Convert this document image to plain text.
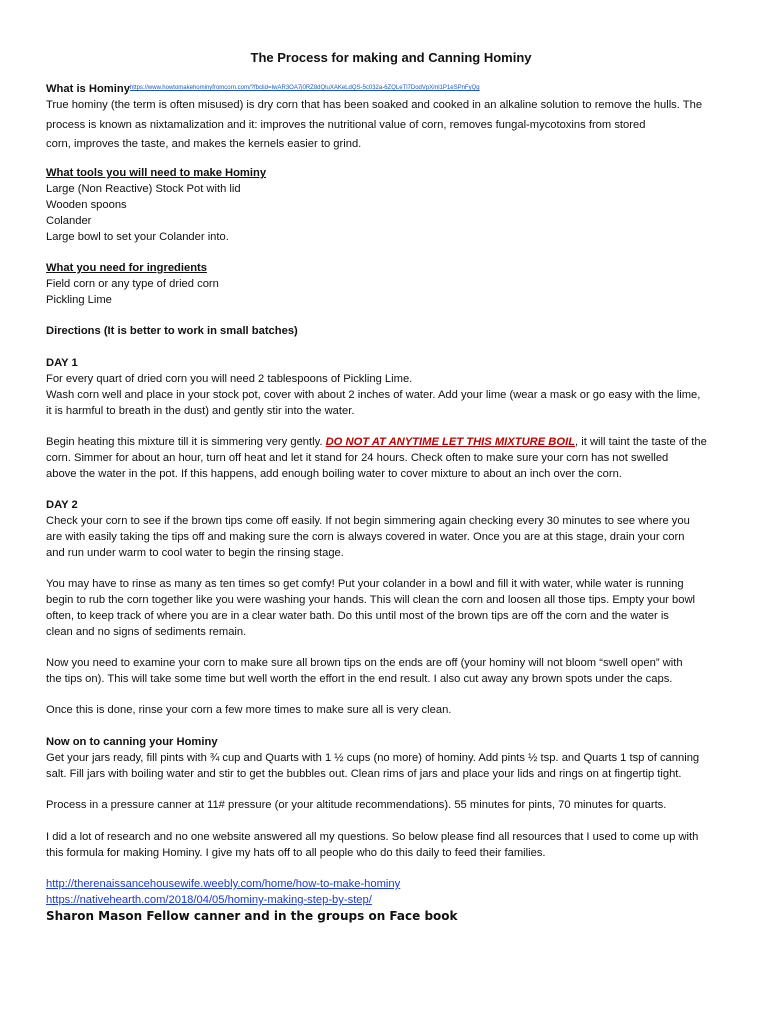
The Process for making and Canning Hominy

What is Hominyhttps://www.howtomakehominyfromcorn.com/?fbclid=IwAR3OA7j0RZ8dQluXAKeLdQS-5c032a-6ZQLeTl7DodVpXml1P1eSPnFyQg

True hominy (the term is often misused) is dry corn that has been soaked and cooked in an alkaline solution to remove the hulls. The

process is known as nixtamalization and it: improves the nutritional value of corn, removes fungal-mycotoxins from stored

corn, improves the taste, and makes the kernels easier to grind.

What tools you will need to make Hominy

Large (Non Reactive) Stock Pot with lid

Wooden spoons

Colander

Large bowl to set your Colander into.

What you need for ingredients

Field corn or any type of dried corn

Pickling Lime

Directions (It is better to work in small batches)

DAY 1

For every quart of dried corn you will need 2 tablespoons of Pickling Lime.

Wash corn well and place in your stock pot, cover with about 2 inches of water. Add your lime (wear a mask or go easy with the lime,

it is harmful to breath in the dust) and gently stir into the water.

Begin heating this mixture till it is simmering very gently. DO NOT AT ANYTIME LET THIS MIXTURE BOIL, it will taint the taste of the

corn. Simmer for about an hour, turn off heat and let it stand for 24 hours. Check often to make sure your corn has not swelled

above the water in the pot. If this happens, add enough boiling water to cover mixture to about an inch over the corn.

DAY 2

Check your corn to see if the brown tips come off easily. If not begin simmering again checking every 30 minutes to see where you

are with easily taking the tips off and making sure the corn is always covered in water. Once you are at this stage, drain your corn

and run under warm to cool water to begin the rinsing stage.

You may have to rinse as many as ten times so get comfy! Put your colander in a bowl and fill it with water, while water is running

begin to rub the corn together like you were washing your hands. This will clean the corn and loosen all those tips. Empty your bowl

often, to keep track of where you are in a clear water bath. Do this until most of the brown tips are off the corn and the water is

clean and no signs of sediments remain.

Now you need to examine your corn to make sure all brown tips on the ends are off (your hominy will not bloom “swell open” with

the tips on). This will take some time but well worth the effort in the end result. I also cut away any brown spots under the caps.

Once this is done, rinse your corn a few more times to make sure all is very clean.

Now on to canning your Hominy

Get your jars ready, fill pints with ¾ cup and Quarts with 1 ½ cups (no more) of hominy. Add pints ½ tsp. and Quarts 1 tsp of canning

salt. Fill jars with boiling water and stir to get the bubbles out. Clean rims of jars and place your lids and rings on at fingertip tight.

Process in a pressure canner at 11# pressure (or your altitude recommendations). 55 minutes for pints, 70 minutes for quarts.

I did a lot of research and no one website answered all my questions. So below please find all resources that I used to come up with

this formula for making Hominy. I give my hats off to all people who do this daily to feed their families.

http://therenaissancehousewife.weebly.com/home/how-to-make-hominy

https://nativehearth.com/2018/04/05/hominy-making-step-by-step/

Sharon Mason Fellow canner and in the groups on Face book
